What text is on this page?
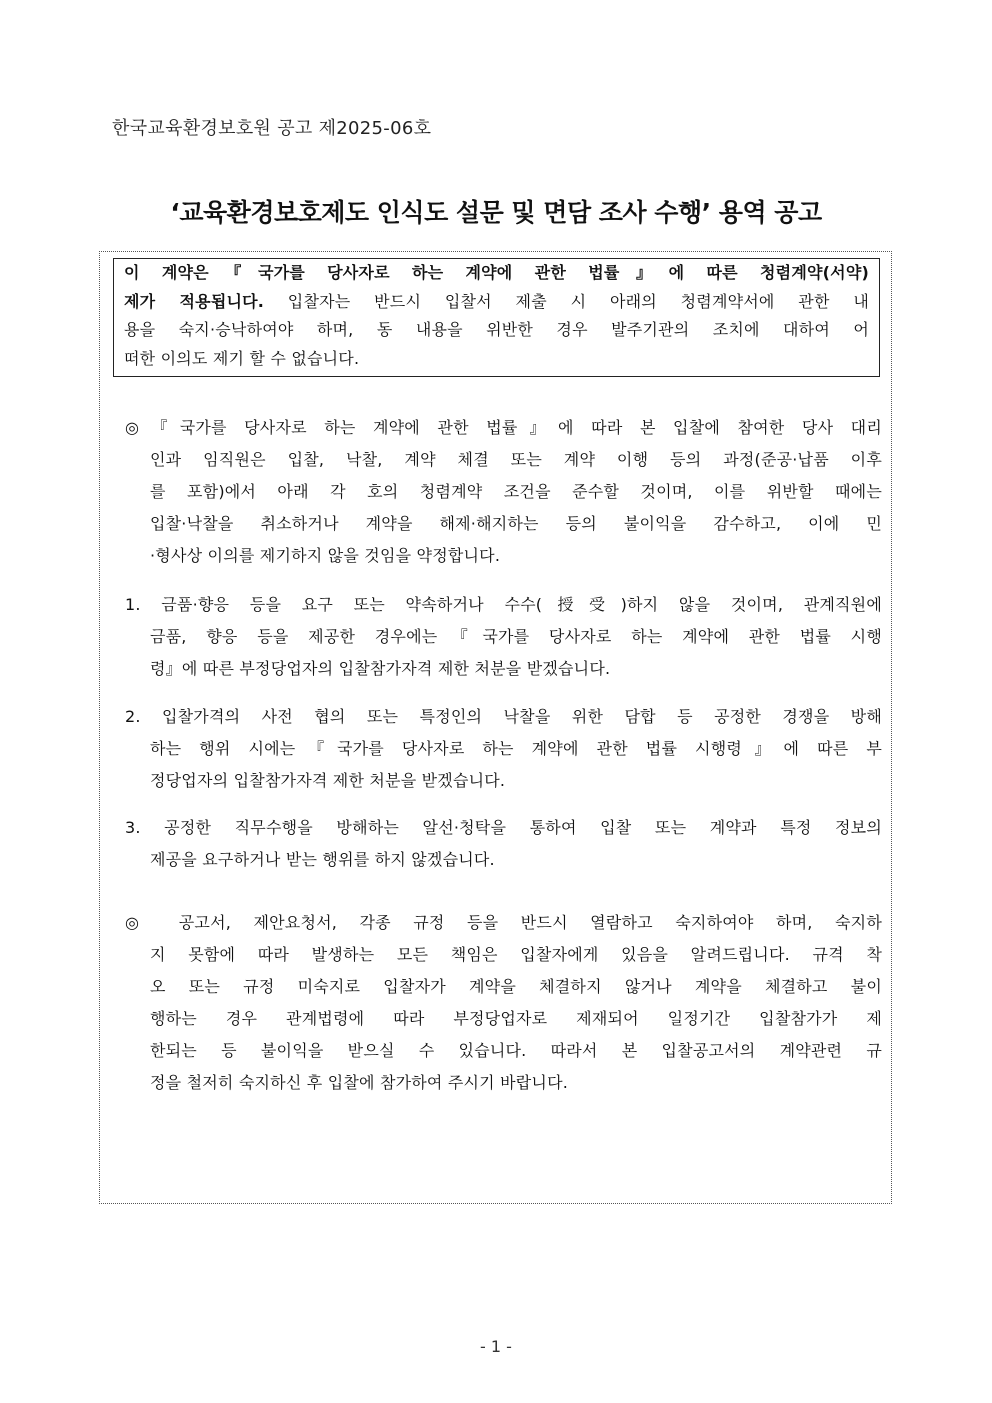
한국교육환경보호원 공고 제2025-06호
‘교육환경보호제도 인식도 설문 및 면담 조사 수행’ 용역 공고

이 계약은『국가를 당사자로 하는 계약에 관한 법률』에 따른 청렴계약(서약)

제가 적용됩니다. 입찰자는 반드시 입찰서 제출 시 아래의 청렴계약서에 관한 내

용을 숙지·승낙하여야 하며, 동 내용을 위반한 경우 발주기관의 조치에 대하여 어

떠한 이의도 제기 할 수 없습니다.

◎『국가를 당사자로 하는 계약에 관한 법률』에 따라 본 입찰에 참여한 당사 대리
인과 임직원은 입찰, 낙찰, 계약 체결 또는 계약 이행 등의 과정(준공·납품 이후
를 포함)에서 아래 각 호의 청렴계약 조건을 준수할 것이며, 이를 위반할 때에는
입찰·낙찰을 취소하거나 계약을 해제·해지하는 등의 불이익을 감수하고, 이에 민
·형사상 이의를 제기하지 않을 것임을 약정합니다.
1. 금품·향응 등을 요구 또는 약속하거나 수수(授受)하지 않을 것이며, 관계직원에
금품, 향응 등을 제공한 경우에는『국가를 당사자로 하는 계약에 관한 법률 시행
령』에 따른 부정당업자의 입찰참가자격 제한 처분을 받겠습니다.
2. 입찰가격의 사전 협의 또는 특정인의 낙찰을 위한 담합 등 공정한 경쟁을 방해
하는 행위 시에는『국가를 당사자로 하는 계약에 관한 법률 시행령』에 따른 부
정당업자의 입찰참가자격 제한 처분을 받겠습니다.
3. 공정한 직무수행을 방해하는 알선·청탁을 통하여 입찰 또는 계약과 특정 정보의
제공을 요구하거나 받는 행위를 하지 않겠습니다.
◎ 공고서, 제안요청서, 각종 규정 등을 반드시 열람하고 숙지하여야 하며, 숙지하
지 못함에 따라 발생하는 모든 책임은 입찰자에게 있음을 알려드립니다. 규격 착
오 또는 규정 미숙지로 입찰자가 계약을 체결하지 않거나 계약을 체결하고 불이
행하는 경우 관계법령에 따라 부정당업자로 제재되어 일정기간 입찰참가가 제
한되는 등 불이익을 받으실 수 있습니다. 따라서 본 입찰공고서의 계약관련 규
정을 철저히 숙지하신 후 입찰에 참가하여 주시기 바랍니다.
- 1 -
